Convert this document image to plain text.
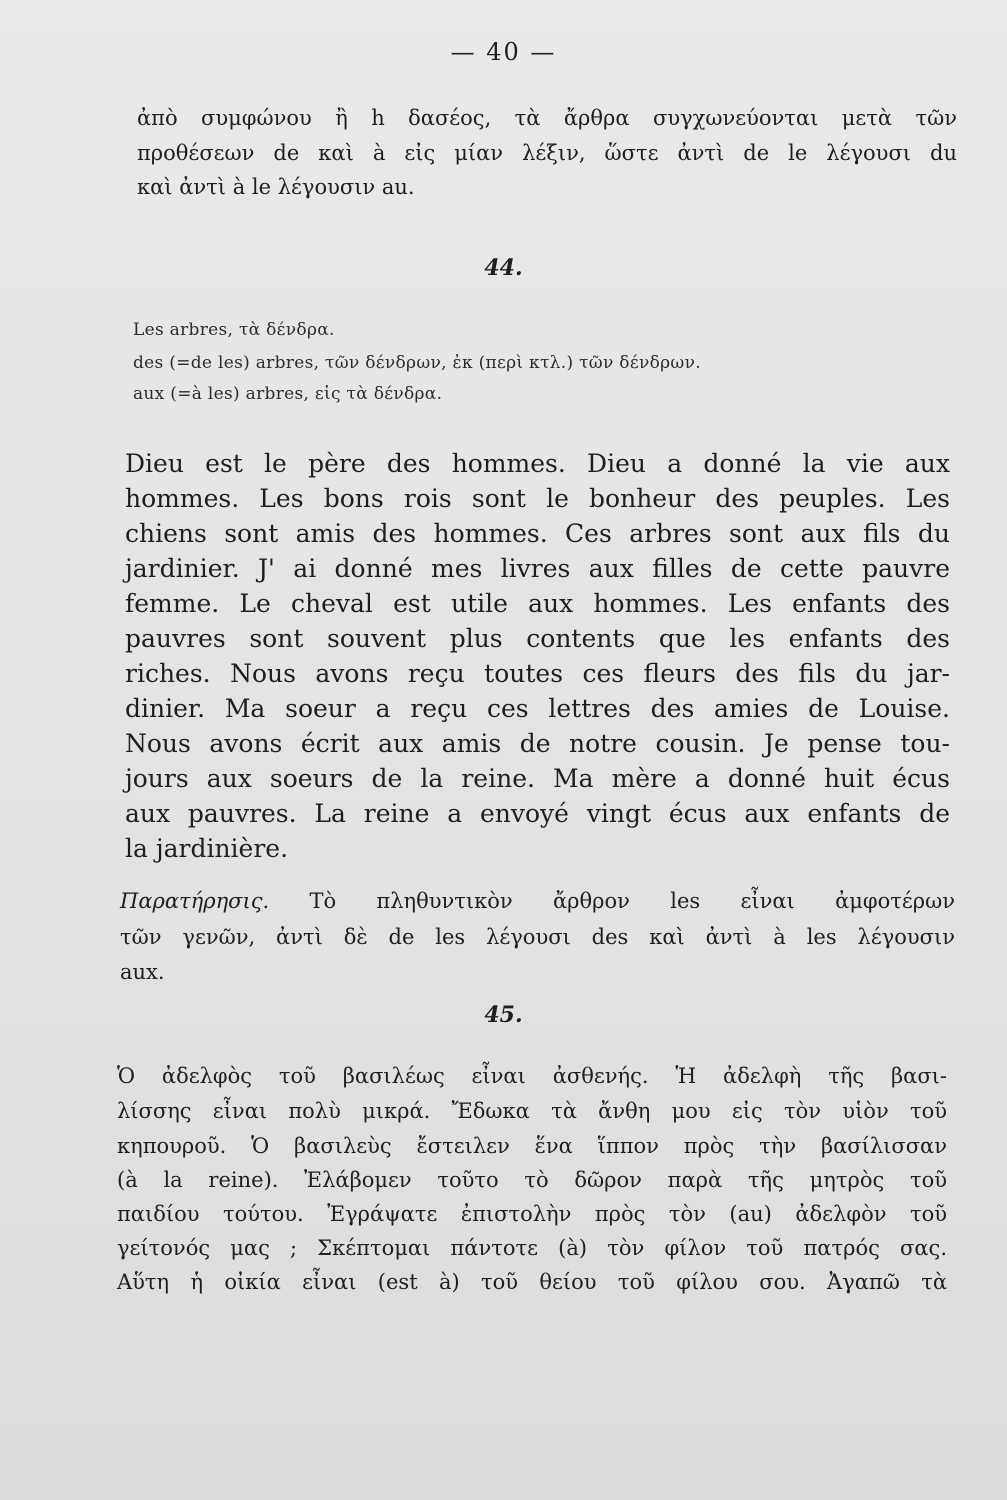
— 40 —
ἀπὸ συμφώνου ἢ h δασέος, τὰ ἄρθρα συγχωνεύονται μετὰ τῶν
προθέσεων de καὶ à εἰς μίαν λέξιν, ὥστε ἀντὶ de le λέγουσι du
καὶ ἀντὶ à le λέγουσιν au.
44.
Les arbres, τὰ δένδρα.
des (=de les) arbres, τῶν δένδρων, ἐκ (περὶ κτλ.) τῶν δένδρων.
aux (=à les) arbres, εἰς τὰ δένδρα.
Dieu est le père des hommes. Dieu a donné la vie aux
hommes. Les bons rois sont le bonheur des peuples. Les
chiens sont amis des hommes. Ces arbres sont aux fils du
jardinier. J' ai donné mes livres aux filles de cette pauvre
femme. Le cheval est utile aux hommes. Les enfants des
pauvres sont souvent plus contents que les enfants des
riches. Nous avons reçu toutes ces fleurs des fils du jar-
dinier. Ma soeur a reçu ces lettres des amies de Louise.
Nous avons écrit aux amis de notre cousin. Je pense tou-
jours aux soeurs de la reine. Ma mère a donné huit écus
aux pauvres. La reine a envoyé vingt écus aux enfants de
la jardinière.
Παρατήρησις. Τὸ πληθυντικὸν ἄρθρον les εἶναι ἀμφοτέρων
τῶν γενῶν, ἀντὶ δὲ de les λέγουσι des καὶ ἀντὶ à les λέγουσιν
aux.
45.
Ὁ ἀδελφὸς τοῦ βασιλέως εἶναι ἀσθενής. Ἡ ἀδελφὴ τῆς βασι-
λίσσης εἶναι πολὺ μικρά. Ἔδωκα τὰ ἄνθη μου εἰς τὸν υἱὸν τοῦ
κηπουροῦ. Ὁ βασιλεὺς ἔστειλεν ἕνα ἵππον πρὸς τὴν βασίλισσαν
(à la reine). Ἐλάβομεν τοῦτο τὸ δῶρον παρὰ τῆς μητρὸς τοῦ
παιδίου τούτου. Ἐγράψατε ἐπιστολὴν πρὸς τὸν (au) ἀδελφὸν τοῦ
γείτονός μας ; Σκέπτομαι πάντοτε (à) τὸν φίλον τοῦ πατρός σας.
Αὕτη ἡ οἰκία εἶναι (est à) τοῦ θείου τοῦ φίλου σου. Ἀγαπῶ τὰ
